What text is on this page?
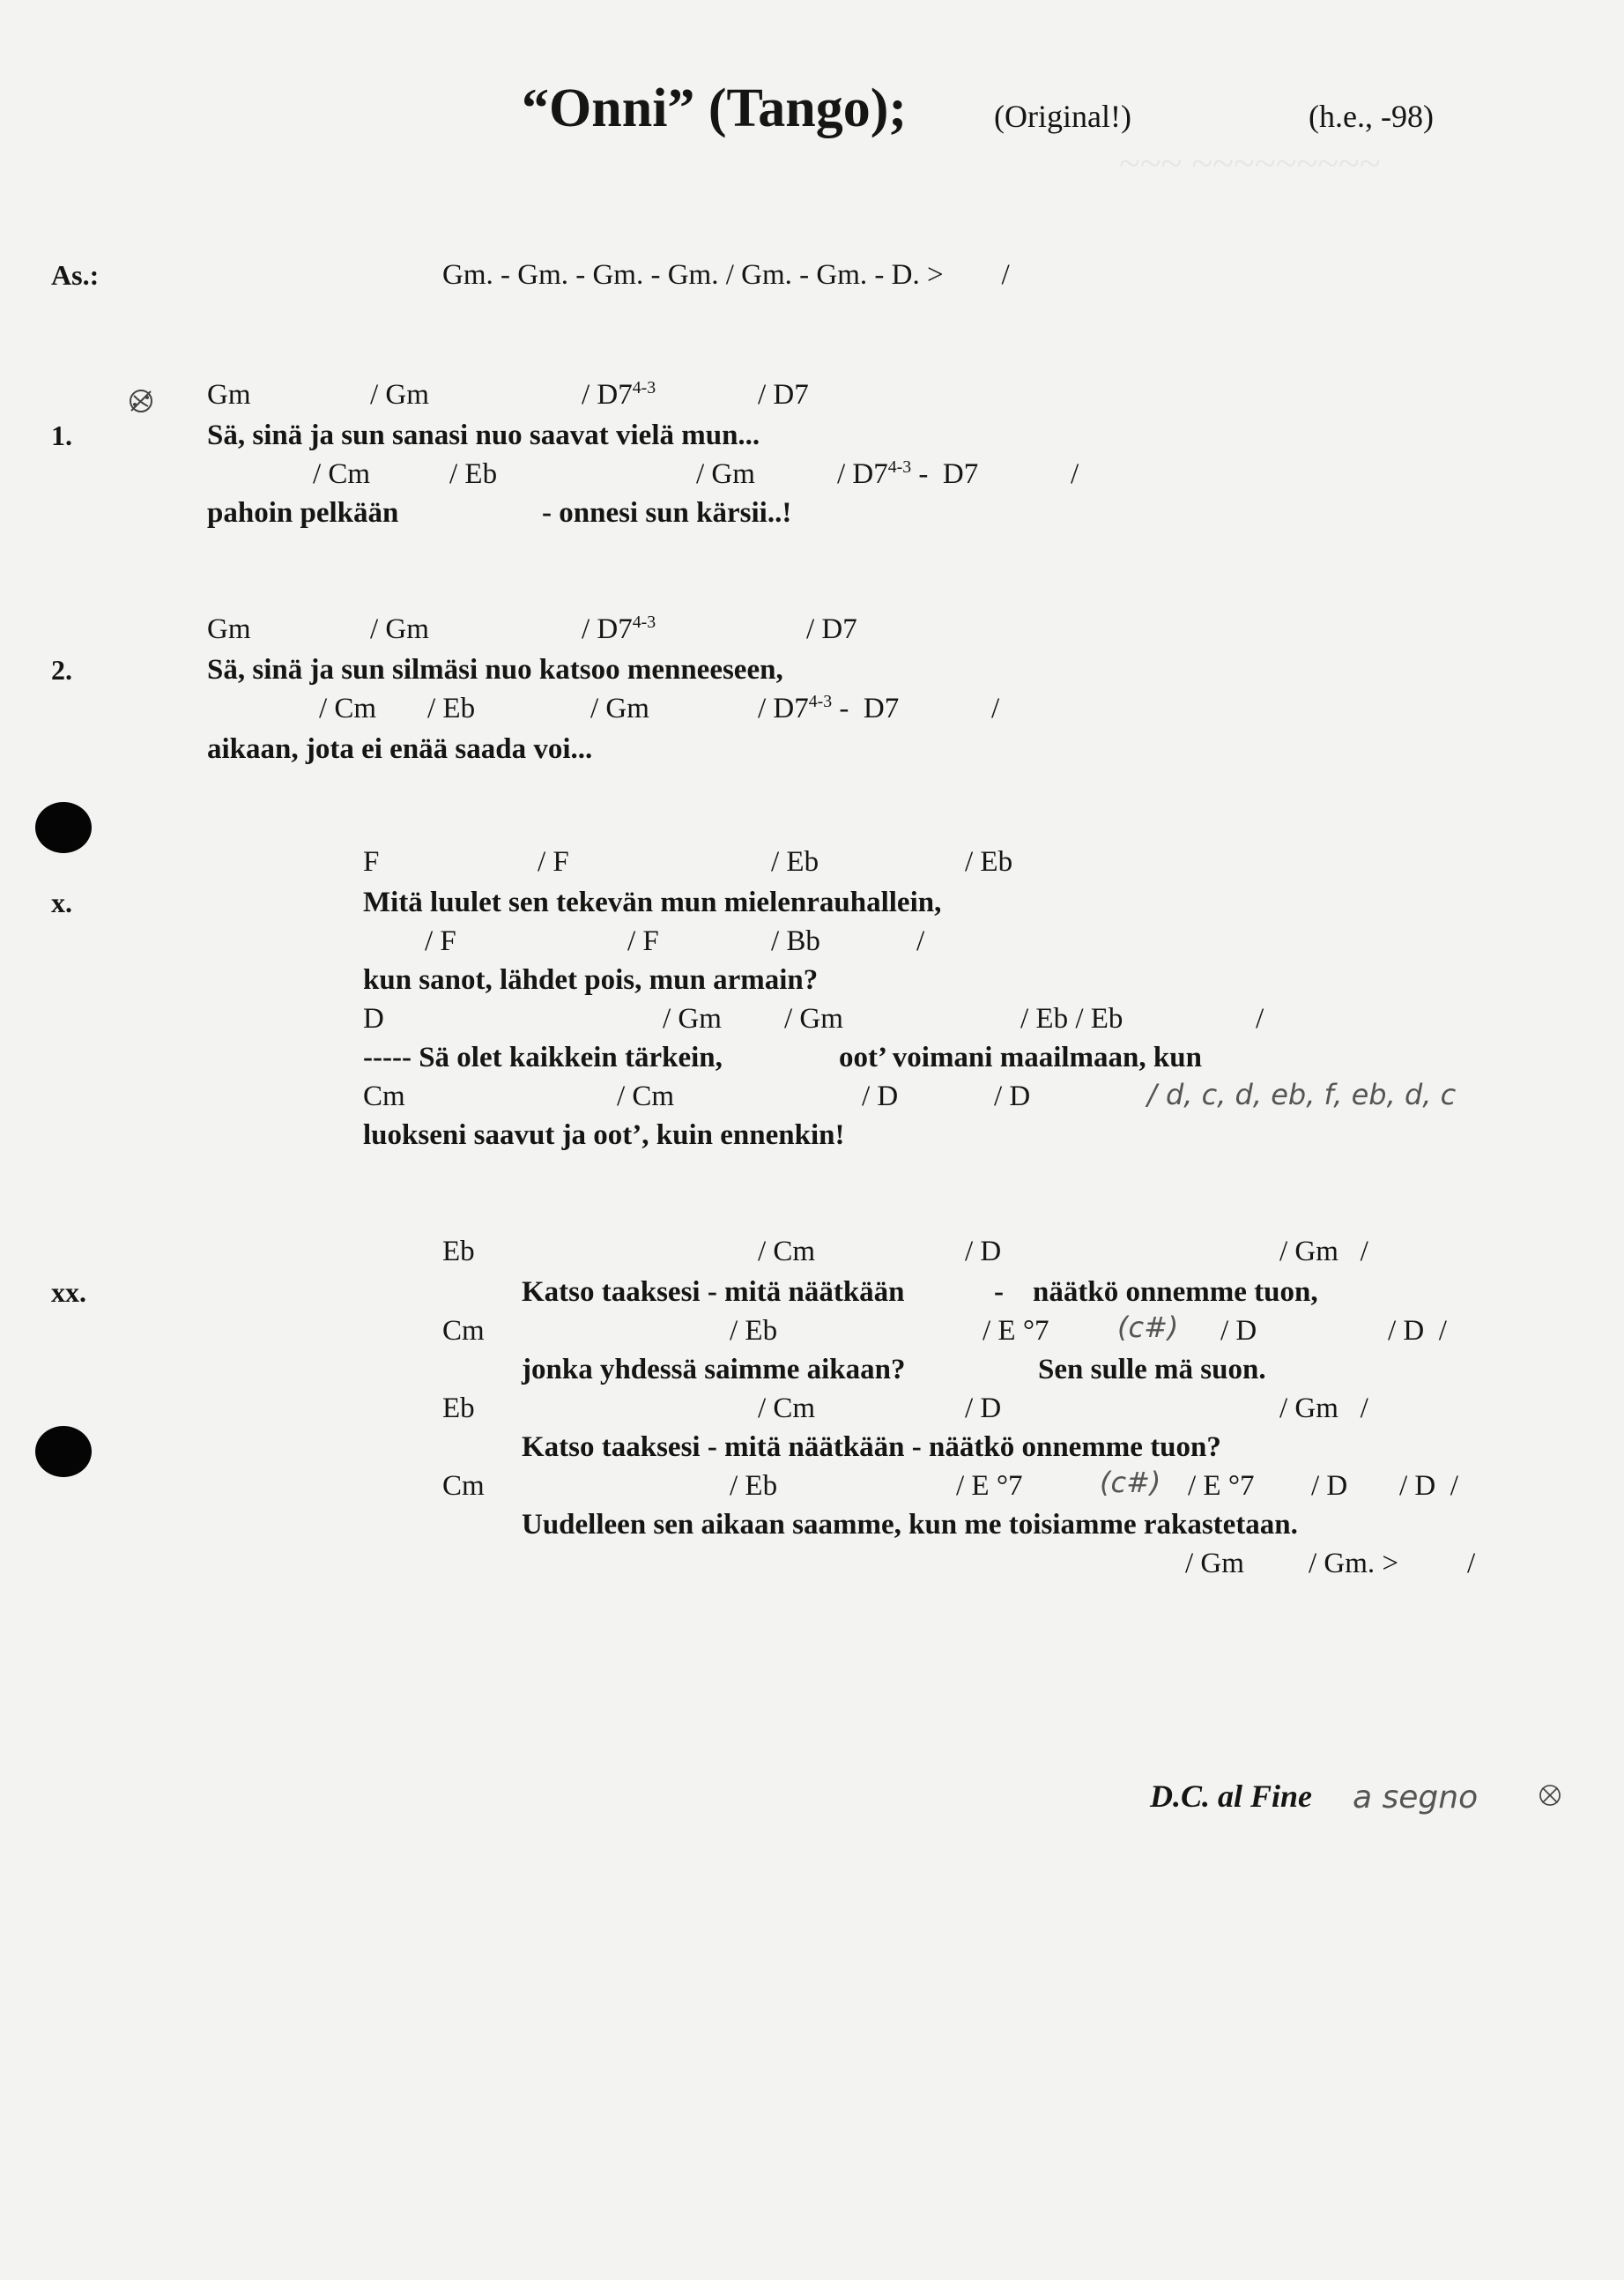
~~~ ~~~~~~~~~
“Onni” (Tango);	(Original!)	(h.e., -98)
As.:	Gm. - Gm. - Gm. - Gm. / Gm. - Gm. - D. >        /
Gm	/ Gm	/ D7$^{4-3}$	/ D7
1.	Sä, sinä ja sun sanasi nuo saavat vielä mun...
/ Cm	/ Eb	/ Gm	/ D7$^{4-3}$ -  D7	/
pahoin pelkään	- onnesi sun kärsii..!
Gm	/ Gm	/ D7$^{4-3}$	/ D7
2.	Sä, sinä ja sun silmäsi nuo katsoo menneeseen,
/ Cm / Eb	/ Gm	/ D7$^{4-3}$ -  D7	/
aikaan, jota ei enää saada voi...
F	/ F	/ Eb	/ Eb
x.	Mitä luulet sen tekevän mun mielenrauhallein,
/ F	/ F	/ Bb	/
kun sanot, lähdet pois, mun armain?
D	/ Gm / Gm	/ Eb / Eb	/
----- Sä olet kaikkein tärkein,	oot’ voimani maailmaan, kun
Cm	/ Cm	/ D	/ D	/ d, c, d, eb, f, eb, d, c
luokseni saavut ja oot’, kuin ennenkin!
Eb	/ Cm	/ D	/ Gm   /
xx.	Katso taaksesi - mitä näätkään	- näätkö onnemme tuon,
Cm	/ Eb	/ E °7 (c#) / D	/ D  /
jonka yhdessä saimme aikaan?	Sen sulle mä suon.
Eb	/ Cm	/ D	/ Gm   /
Katso taaksesi - mitä näätkään - näätkö onnemme tuon?
Cm	/ Eb	/ E °7	(c#) / E °7 / D / D  /
Uudelleen sen aikaan saamme, kun me toisiamme rakastetaan.
/ Gm / Gm. > /
D.C. al Fine a segno
